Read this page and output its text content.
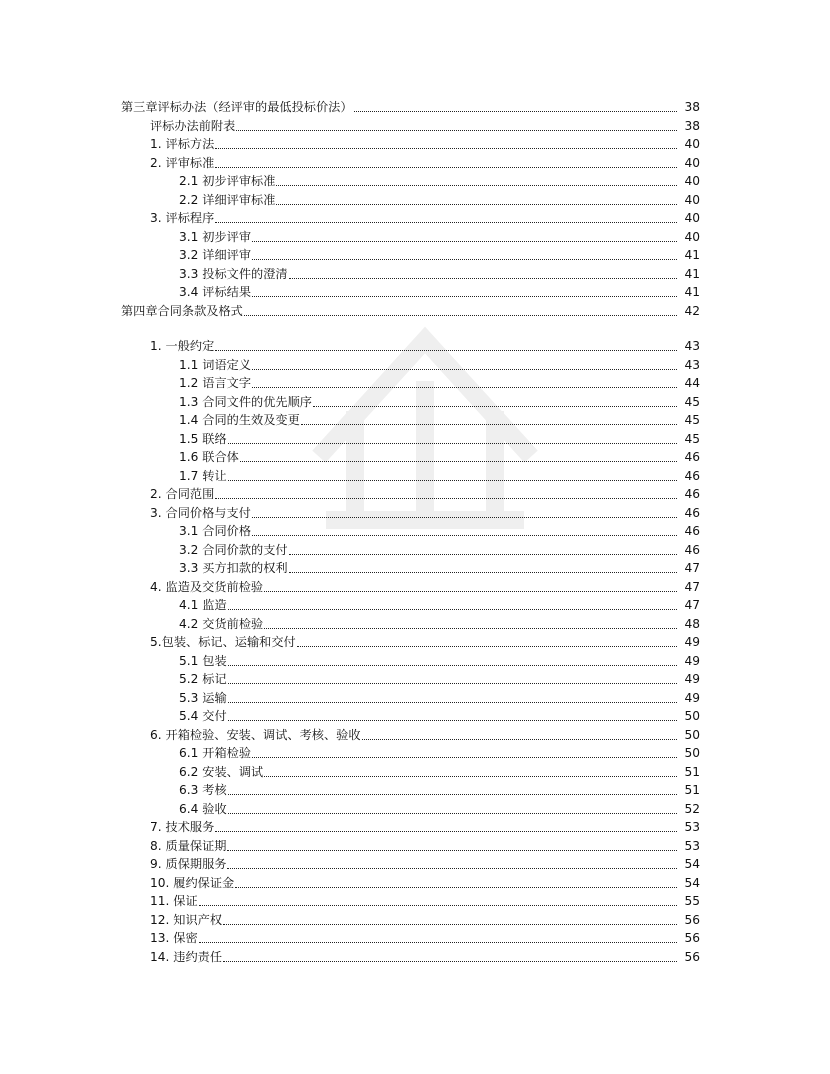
第三章评标办法（经评审的最低投标价法）	38
评标办法前附表	38
1. 评标方法	40
2. 评审标准	40
2.1 初步评审标准	40
2.2 详细评审标准	40
3. 评标程序	40
3.1 初步评审	40
3.2 详细评审	41
3.3 投标文件的澄清	41
3.4 评标结果	41
第四章合同条款及格式	42
1. 一般约定	43
1.1 词语定义	43
1.2 语言文字	44
1.3 合同文件的优先顺序	45
1.4 合同的生效及变更	45
1.5 联络	45
1.6 联合体	46
1.7 转让	46
2. 合同范围	46
3. 合同价格与支付	46
3.1 合同价格	46
3.2 合同价款的支付	46
3.3 买方扣款的权利	47
4. 监造及交货前检验	47
4.1 监造	47
4.2 交货前检验	48
5.包装、标记、运输和交付	49
5.1 包装	49
5.2 标记	49
5.3 运输	49
5.4 交付	50
6. 开箱检验、安装、调试、考核、验收	50
6.1 开箱检验	50
6.2 安装、调试	51
6.3 考核	51
6.4 验收	52
7. 技术服务	53
8. 质量保证期	53
9. 质保期服务	54
10. 履约保证金	54
11. 保证	55
12. 知识产权	56
13. 保密	56
14. 违约责任	56
